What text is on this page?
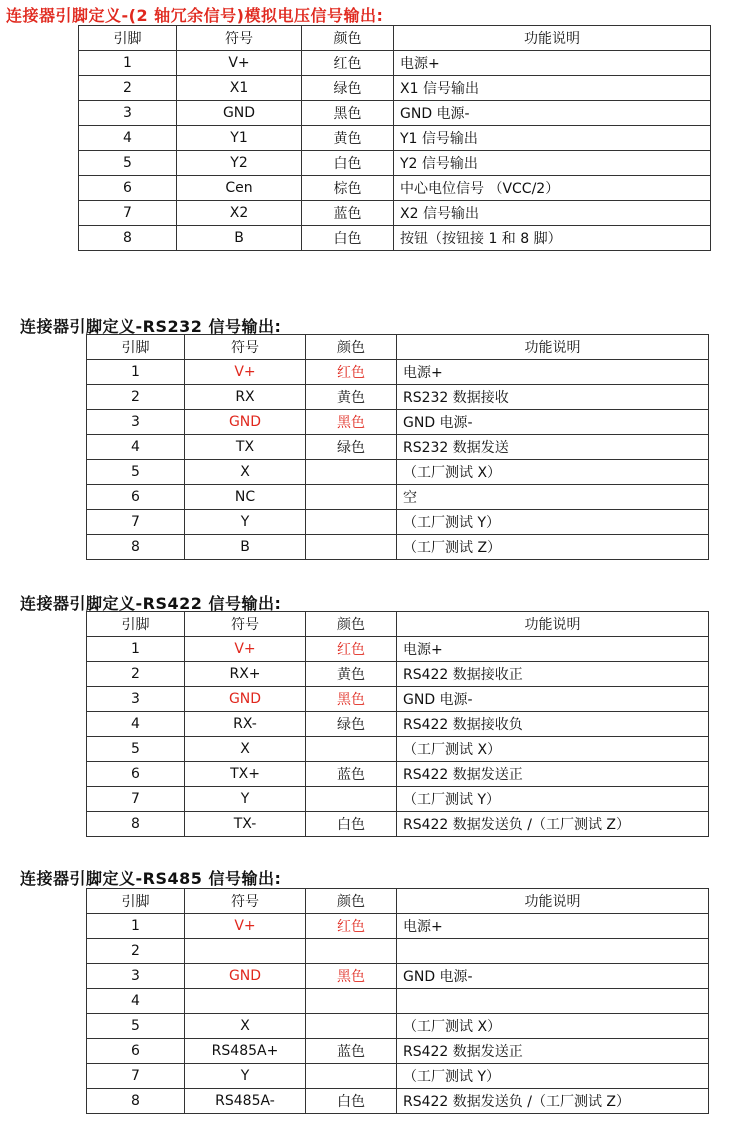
连接器引脚定义-(2 轴冗余信号)模拟电压信号输出:
引脚	符号	颜色	功能说明
1	V+	红色	电源+
2	X1	绿色	X1 信号输出
3	GND	黑色	GND 电源-
4	Y1	黄色	Y1 信号输出
5	Y2	白色	Y2 信号输出
6	Cen	棕色	中心电位信号 （VCC/2）
7	X2	蓝色	X2 信号输出
8	B	白色	按钮（按钮接 1 和 8 脚）
连接器引脚定义-RS232 信号输出:
引脚	符号	颜色	功能说明
1	V+	红色	电源+
2	RX	黄色	RS232 数据接收
3	GND	黑色	GND 电源-
4	TX	绿色	RS232 数据发送
5	X		（工厂测试 X）
6	NC		空
7	Y		（工厂测试 Y）
8	B		（工厂测试 Z）
连接器引脚定义-RS422 信号输出:
引脚	符号	颜色	功能说明
1	V+	红色	电源+
2	RX+	黄色	RS422 数据接收正
3	GND	黑色	GND 电源-
4	RX-	绿色	RS422 数据接收负
5	X		（工厂测试 X）
6	TX+	蓝色	RS422 数据发送正
7	Y		（工厂测试 Y）
8	TX-	白色	RS422 数据发送负 /（工厂测试 Z）
连接器引脚定义-RS485 信号输出:
引脚	符号	颜色	功能说明
1	V+	红色	电源+
2			
3	GND	黑色	GND 电源-
4			
5	X		（工厂测试 X）
6	RS485A+	蓝色	RS422 数据发送正
7	Y		（工厂测试 Y）
8	RS485A-	白色	RS422 数据发送负 /（工厂测试 Z）
